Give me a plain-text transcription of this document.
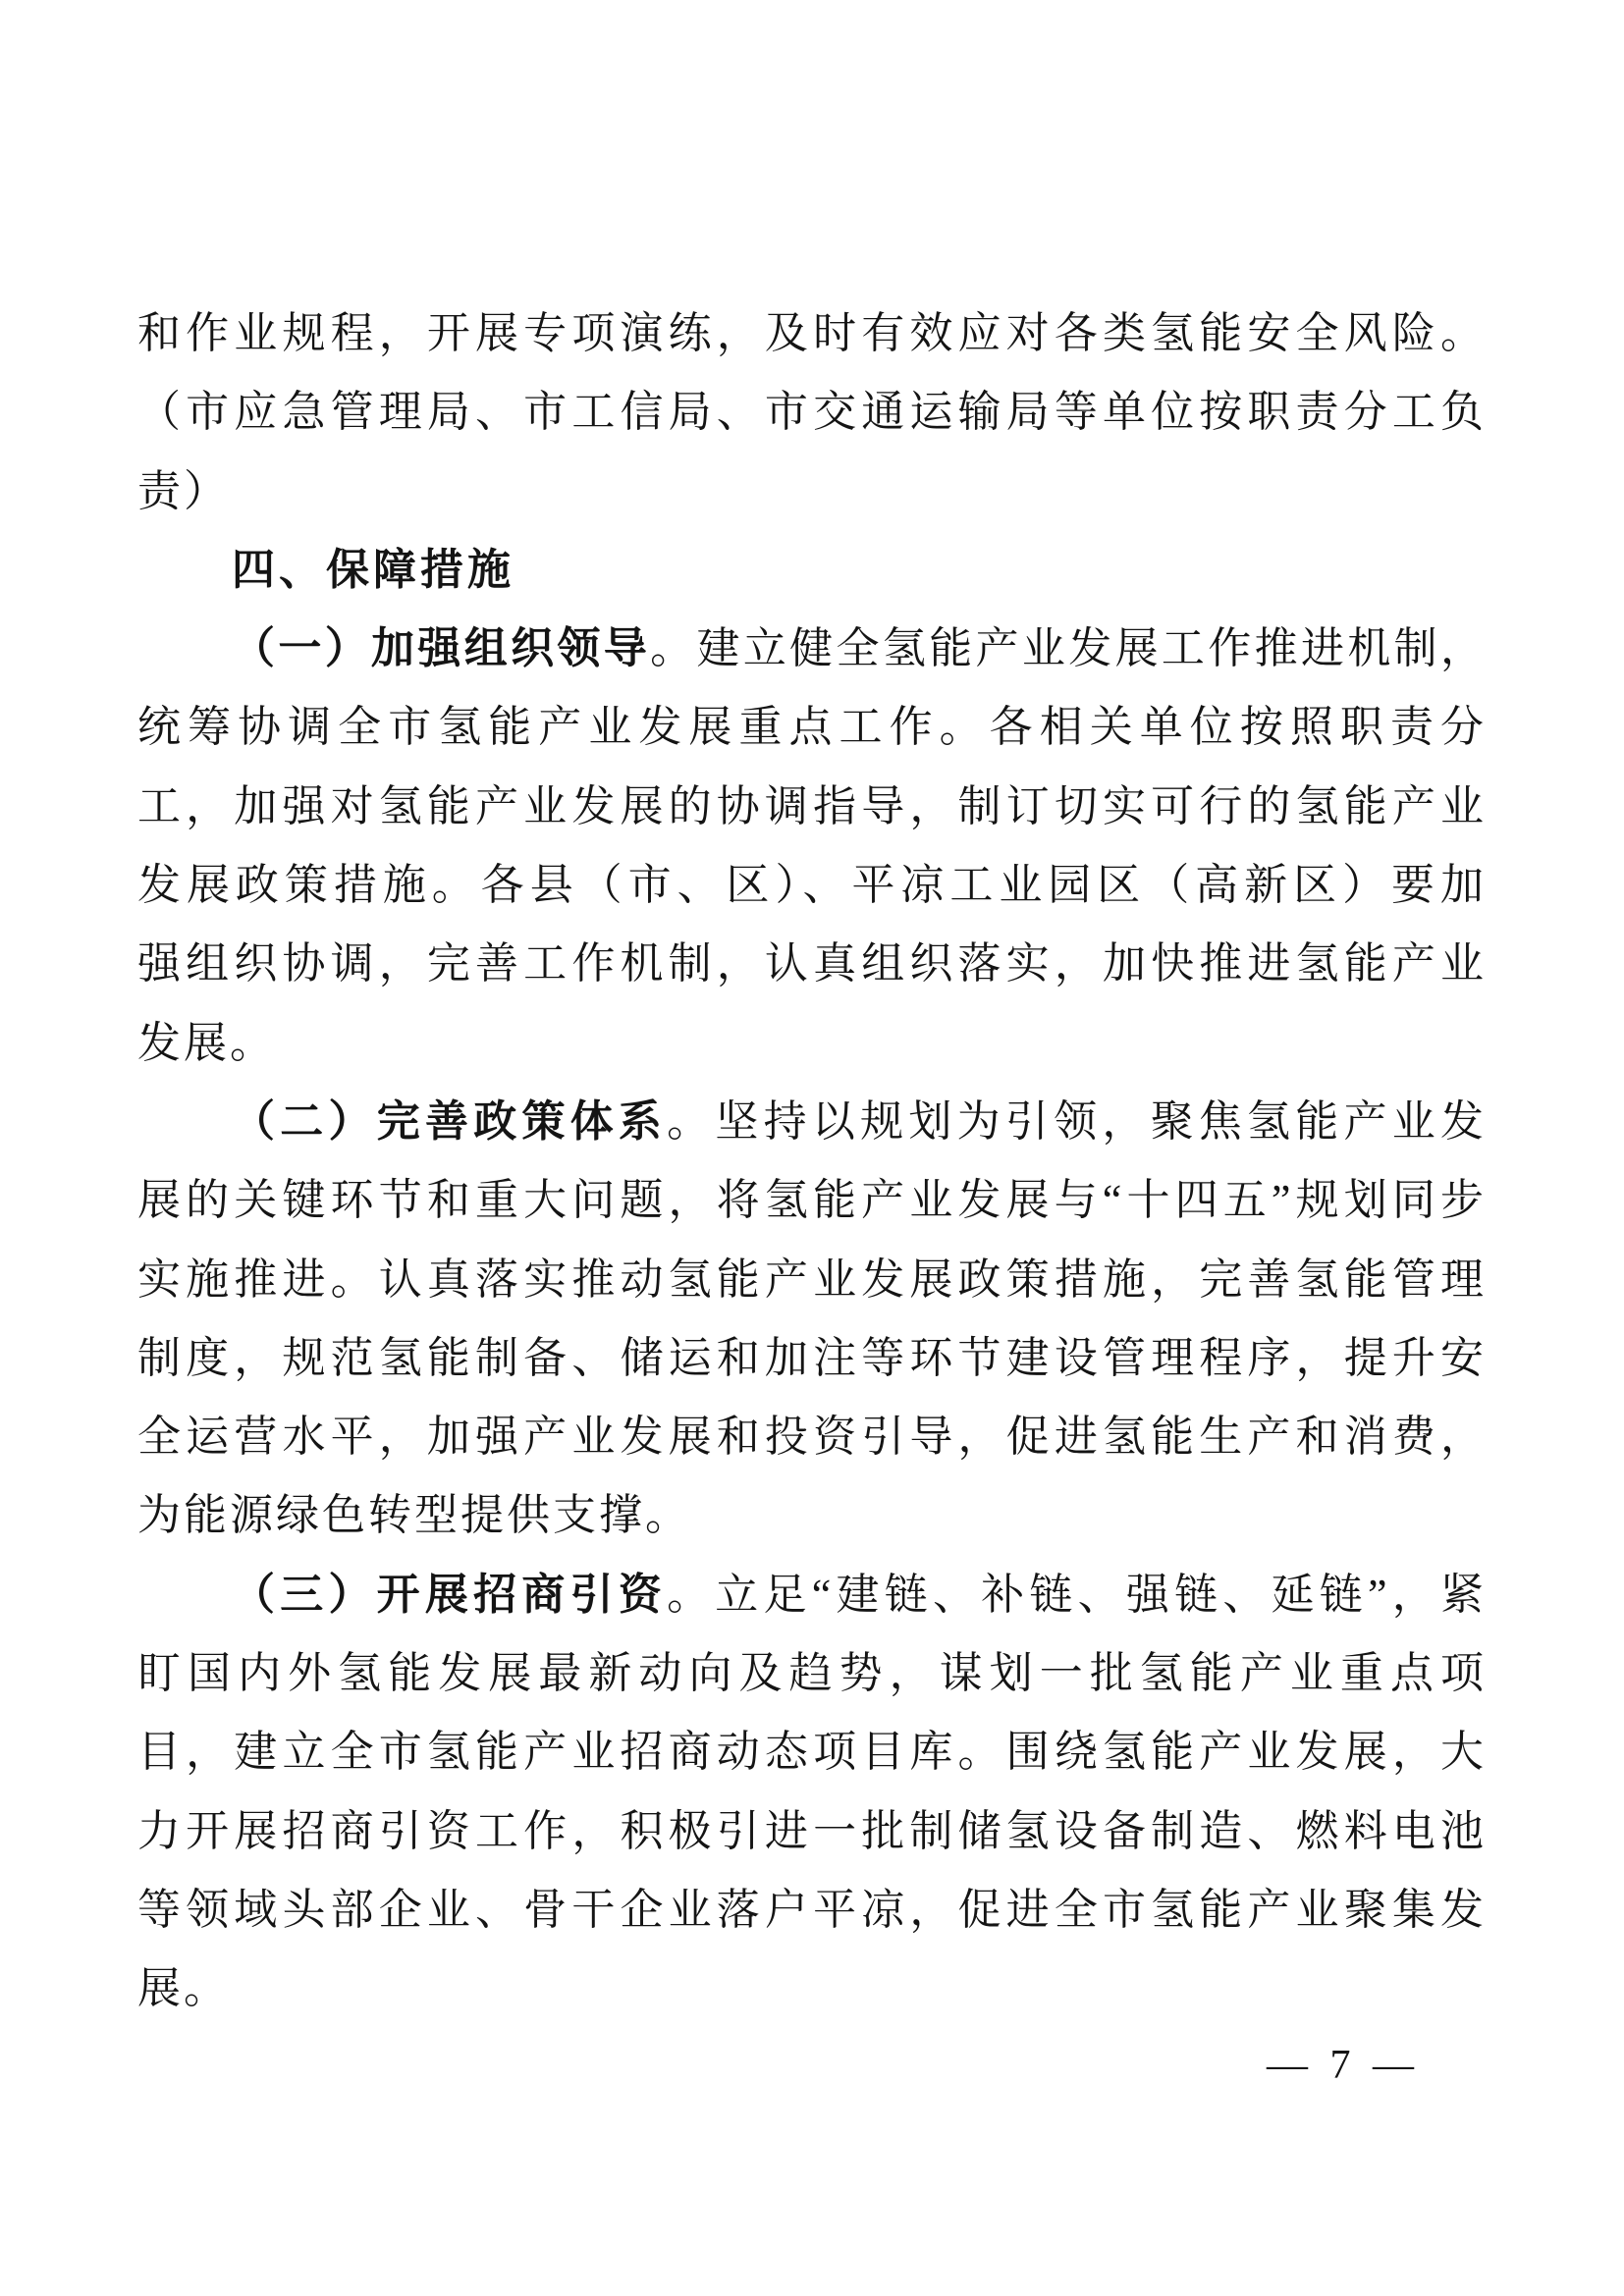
和作业规程，开展专项演练，及时有效应对各类氢能安全风险。
（市应急管理局、市工信局、市交通运输局等单位按职责分工负
责）
四、保障措施
（一）加强组织领导。建立健全氢能产业发展工作推进机制，
统筹协调全市氢能产业发展重点工作。各相关单位按照职责分
工，加强对氢能产业发展的协调指导，制订切实可行的氢能产业
发展政策措施。各县（市、区）、平凉工业园区（高新区）要加
强组织协调，完善工作机制，认真组织落实，加快推进氢能产业
发展。
（二）完善政策体系。坚持以规划为引领，聚焦氢能产业发
展的关键环节和重大问题，将氢能产业发展与“十四五”规划同步
实施推进。认真落实推动氢能产业发展政策措施，完善氢能管理
制度，规范氢能制备、储运和加注等环节建设管理程序，提升安
全运营水平，加强产业发展和投资引导，促进氢能生产和消费，
为能源绿色转型提供支撑。
（三）开展招商引资。立足“建链、补链、强链、延链”，紧
盯国内外氢能发展最新动向及趋势，谋划一批氢能产业重点项
目，建立全市氢能产业招商动态项目库。围绕氢能产业发展，大
力开展招商引资工作，积极引进一批制储氢设备制造、燃料电池
等领域头部企业、骨干企业落户平凉，促进全市氢能产业聚集发
展。
— 7 —
